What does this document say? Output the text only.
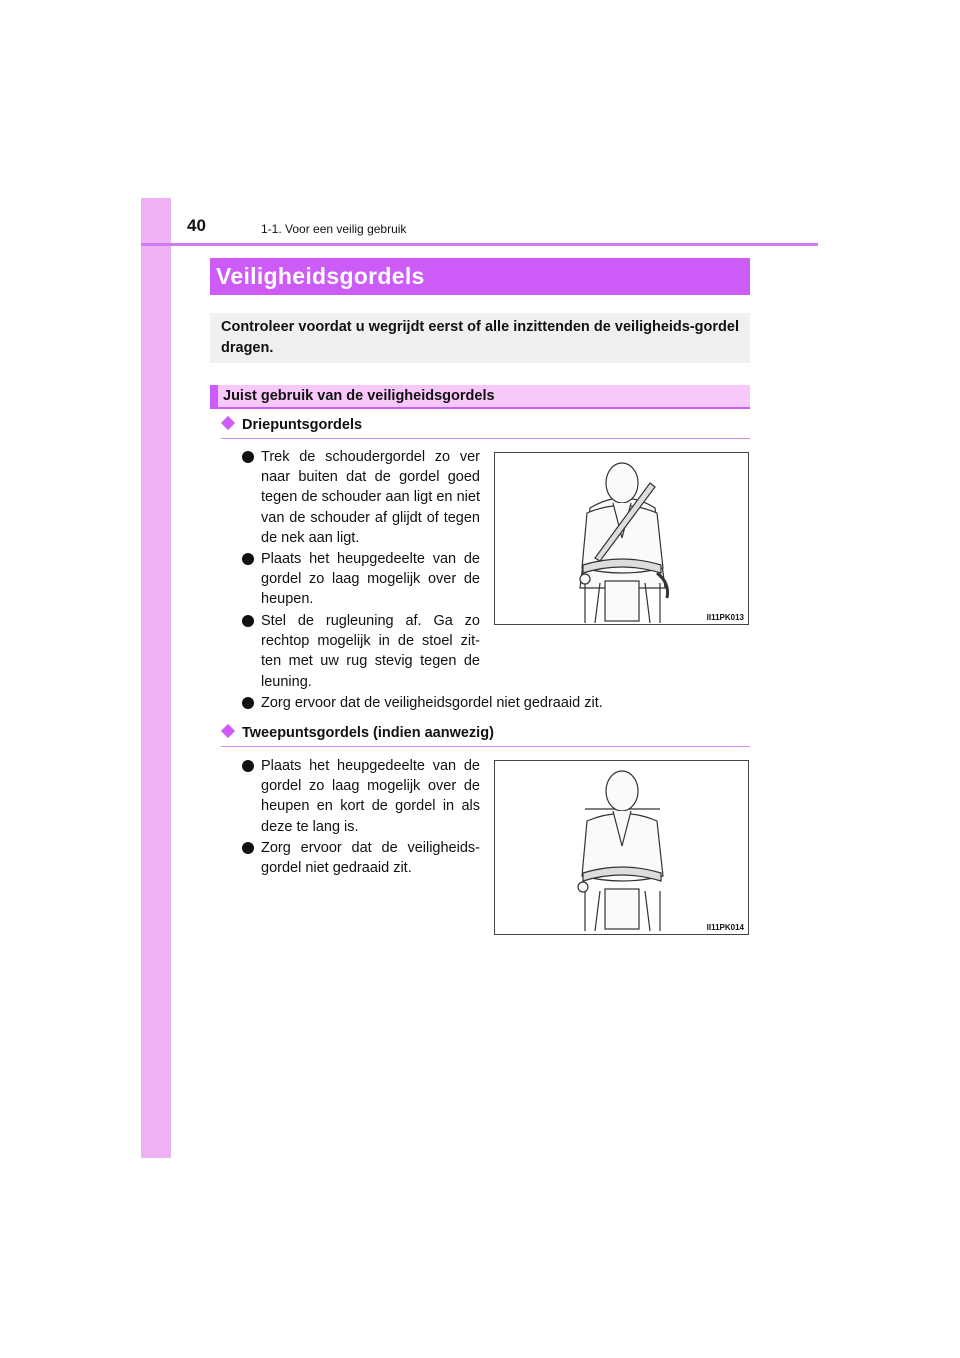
40	1-1. Voor een veilig gebruik
Veiligheidsgordels
Controleer voordat u wegrijdt eerst of alle inzittenden de veiligheids-gordel dragen.
Juist gebruik van de veiligheidsgordels
Driepuntsgordels
Trek de schoudergordel zo ver naar buiten dat de gordel goed tegen de schouder aan ligt en niet van de schouder af glijdt of tegen de nek aan ligt.
Plaats het heupgedeelte van de gordel zo laag mogelijk over de heupen.
Stel de rugleuning af. Ga zo rechtop mogelijk in de stoel zit-ten met uw rug stevig tegen de leuning.
Zorg ervoor dat de veiligheidsgordel niet gedraaid zit.
II11PK013
Tweepuntsgordels (indien aanwezig)
Plaats het heupgedeelte van de gordel zo laag mogelijk over de heupen en kort de gordel in als deze te lang is.
Zorg ervoor dat de veiligheids-gordel niet gedraaid zit.
II11PK014
